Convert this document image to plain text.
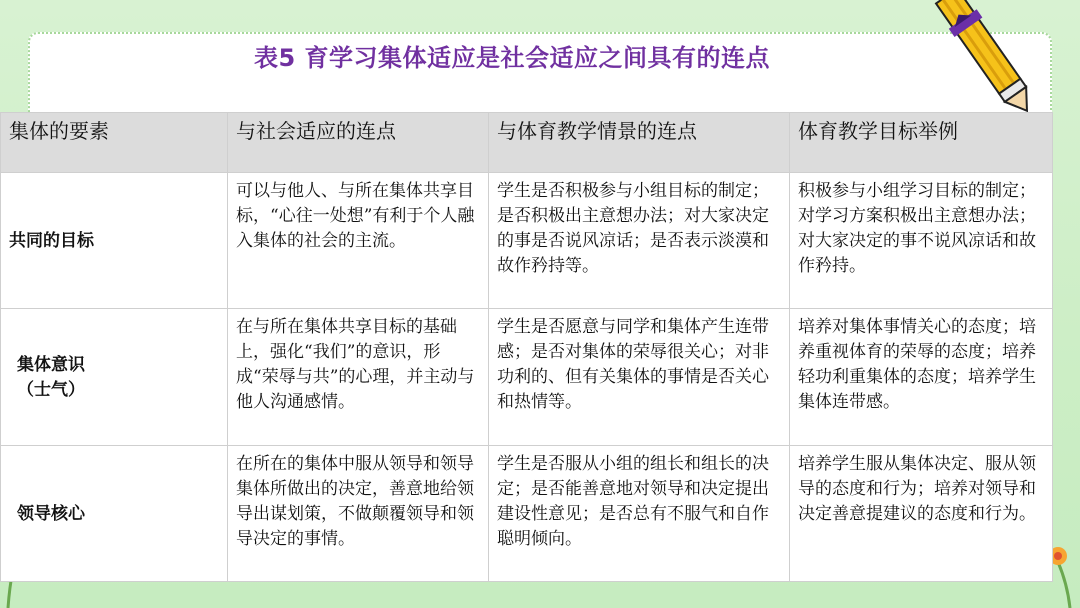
表5 育学习集体适应是社会适应之间具有的连点
集体的要素	与社会适应的连点	与体育教学情景的连点	体育教学目标举例
共同的目标	可以与他人、与所在集体共享目标，“心往一处想”有利于个人融入集体的社会的主流。	学生是否积极参与小组目标的制定；是否积极出主意想办法；对大家决定的事是否说风凉话；是否表示淡漠和故作矜持等。	积极参与小组学习目标的制定；对学习方案积极出主意想办法；对大家决定的事不说风凉话和故作矜持。
集体意识
（士气）	在与所在集体共享目标的基础上，强化“我们”的意识，形成“荣辱与共”的心理，并主动与他人沟通感情。	学生是否愿意与同学和集体产生连带感；是否对集体的荣辱很关心；对非功利的、但有关集体的事情是否关心和热情等。	培养对集体事情关心的态度；培养重视体育的荣辱的态度；培养轻功利重集体的态度；培养学生集体连带感。
领导核心	在所在的集体中服从领导和领导集体所做出的决定，善意地给领导出谋划策，不做颠覆领导和领导决定的事情。	学生是否服从小组的组长和组长的决定；是否能善意地对领导和决定提出建设性意见；是否总有不服气和自作聪明倾向。	培养学生服从集体决定、服从领导的态度和行为；培养对领导和决定善意提建议的态度和行为。
